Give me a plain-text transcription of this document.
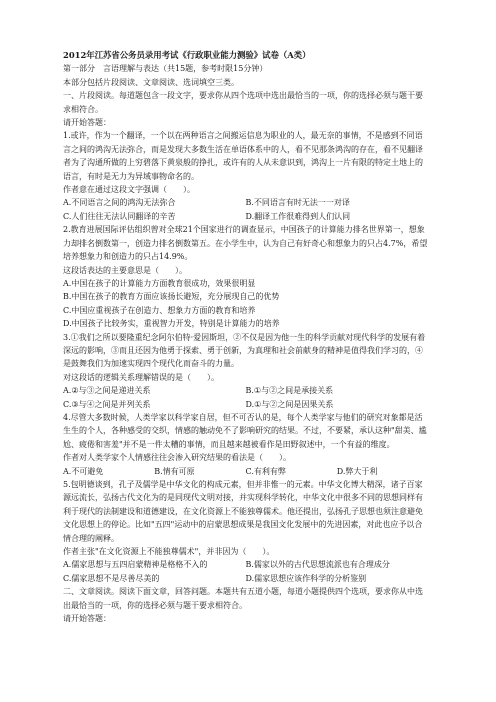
2012年江苏省公务员录用考试《行政职业能力测验》试卷（A类）

第一部分　言语理解与表达（共15题，参考时限15分钟）

本部分包括片段阅读、文章阅读、选词填空三类。

一、片段阅读。每道题包含一段文字，要求你从四个选项中选出最恰当的一项，你的选择必须与题干要求相符合。

请开始答题：

1.或许，作为一个翻译，一个以在两种语言之间搬运信息为职业的人，最无奈的事情，不是感到不同语言之间的鸿沟无法弥合，而是发现大多数生活在单语体系中的人，看不见那条鸿沟的存在，看不见翻译者为了沟通所做的上穷碧落下黄泉般的挣扎，或许有的人从未意识到，鸿沟上一片有限的特定土地上的语言，有时是无力为异域事物命名的。

作者意在通过这段文字强调（　　）。

A.不同语言之间的鸿沟无法弥合	B.不同语言有时无法一一对译
C.人们往往无法认同翻译的辛苦	D.翻译工作很难得到人们认同

2.教育进展国际评估组织曾对全球21个国家进行的调查显示，中国孩子的计算能力排名世界第一，想象力却排名倒数第一，创造力排名倒数第五。在小学生中，认为自己有好奇心和想象力的只占4.7%，希望培养想象力和创造力的只占14.9%。

这段话表达的主要意思是（　　）。

A.中国在孩子的计算能力方面教育很成功，效果很明显

B.中国在孩子的教育方面应该扬长避短，充分展现自己的优势

C.中国应重视孩子在创造力、想象力方面的教育和培养

D.中国孩子比较务实，重视智力开发，特别是计算能力的培养

3.①我们之所以要隆重纪念阿尔伯特·爱因斯坦，②不仅是因为他一生的科学贡献对现代科学的发展有着深远的影响，③而且还因为他勇于探索、勇于创新，为真理和社会前献身的精神是值得我们学习的，④是鼓舞我们为加速实现四个现代化而奋斗的力量。

对这段话的逻辑关系理解错误的是（　　）。

A.②与③之间是递进关系	B.①与②之间是承接关系
C.③与④之间是并列关系	D.①与②之间是因果关系

4.尽管大多数时候，人类学家以科学家自居，但不可否认的是，每个人类学家与他们的研究对象都是活生生的个人，各种感受的交织，情感的触动免不了影响研究的结果。不过，不要紧，承认这种"甜美、尴尬、疲倦和害羞"并不是一件太糟的事情，而且越来越被看作是田野叙述中，一个有益的维度。

作者对人类学家个人情感往往会渗入研究结果的看法是（　　）。

A.不可避免	B.情有可原	C.有利有弊	D.弊大于利

5.包明德谈到，孔子及儒学是中华文化的构成元素，但并非惟一的元素。中华文化博大精深，诸子百家源远流长，弘扬古代文化为的是同现代文明对接，并实现科学转化，中华文化中很多不同的思想同样有利于现代的法制建设和道德建设，在文化资源上不能独尊儒术。他还提出，弘扬孔子思想也须注意避免文化思想上的停论。比如"五四"运动中的启蒙思想成果是我国文化发展中的先进因素，对此也应予以合情合理的阐释。

作者主张"在文化资源上不能独尊儒术"，并非因为（　　）。

A.儒家思想与五四启蒙精神是格格不入的	B.儒家以外的古代思想流派也有合理成分
C.儒家思想不是尽善尽美的	D.儒家思想应该作科学的分析鉴别

二、文章阅读。阅读下面文章，回答问题。本题共有五道小题，每道小题提供四个选项，要求你从中选出最恰当的一项，你的选择必须与题干要求相符合。

请开始答题：
